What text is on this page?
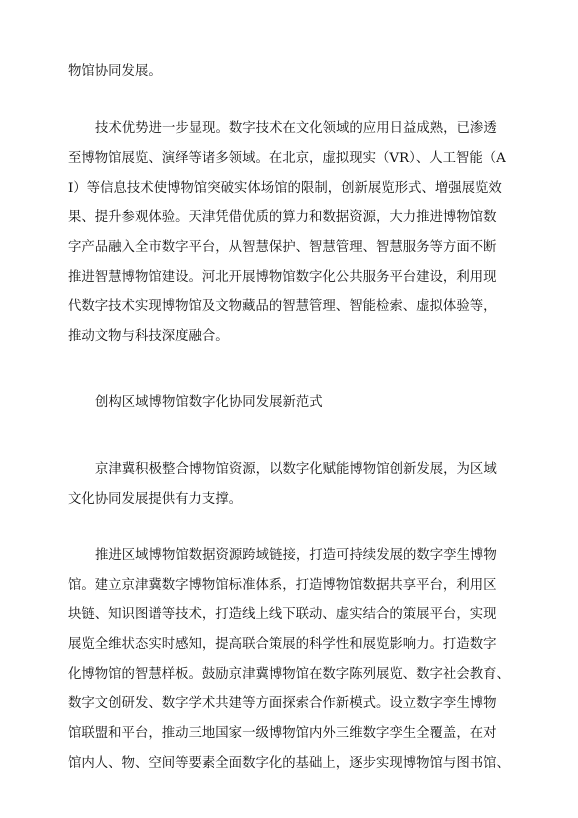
物馆协同发展。
技术优势进一步显现。数字技术在文化领域的应用日益成熟，已渗透
至博物馆展览、演绎等诸多领域。在北京，虚拟现实（VR）、人工智能（A
I）等信息技术使博物馆突破实体场馆的限制，创新展览形式、增强展览效
果、提升参观体验。天津凭借优质的算力和数据资源，大力推进博物馆数
字产品融入全市数字平台，从智慧保护、智慧管理、智慧服务等方面不断
推进智慧博物馆建设。河北开展博物馆数字化公共服务平台建设，利用现
代数字技术实现博物馆及文物藏品的智慧管理、智能检索、虚拟体验等，
推动文物与科技深度融合。
创构区域博物馆数字化协同发展新范式
京津冀积极整合博物馆资源，以数字化赋能博物馆创新发展，为区域
文化协同发展提供有力支撑。
推进区域博物馆数据资源跨域链接，打造可持续发展的数字孪生博物
馆。建立京津冀数字博物馆标准体系，打造博物馆数据共享平台，利用区
块链、知识图谱等技术，打造线上线下联动、虚实结合的策展平台，实现
展览全维状态实时感知，提高联合策展的科学性和展览影响力。打造数字
化博物馆的智慧样板。鼓励京津冀博物馆在数字陈列展览、数字社会教育、
数字文创研发、数字学术共建等方面探索合作新模式。设立数字孪生博物
馆联盟和平台，推动三地国家一级博物馆内外三维数字孪生全覆盖，在对
馆内人、物、空间等要素全面数字化的基础上，逐步实现博物馆与图书馆、
